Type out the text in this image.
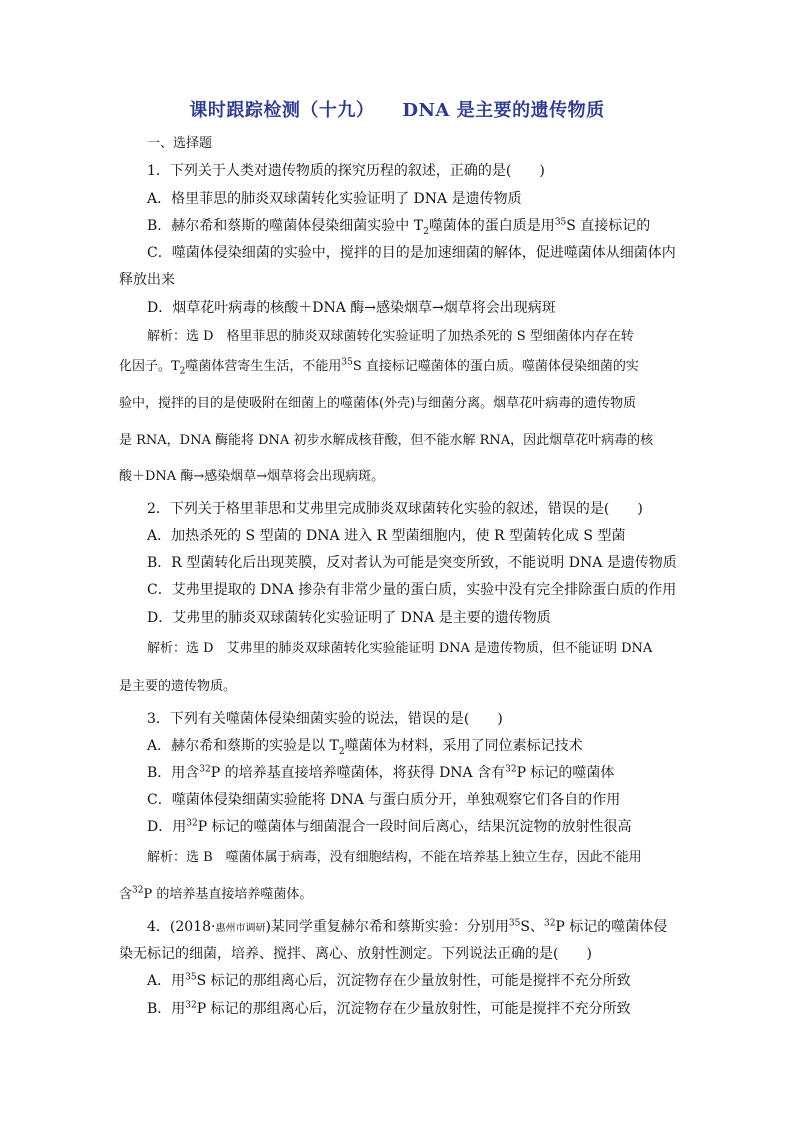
课时跟踪检测（十九） DNA 是主要的遗传物质
一、选择题
1．下列关于人类对遗传物质的探究历程的叙述，正确的是(　　)
A．格里菲思的肺炎双球菌转化实验证明了 DNA 是遗传物质
B．赫尔希和蔡斯的噬菌体侵染细菌实验中 $T_2$噬菌体的蛋白质是用$^{35}$S 直接标记的
C．噬菌体侵染细菌的实验中，搅拌的目的是加速细菌的解体，促进噬菌体从细菌体内
释放出来
D．烟草花叶病毒的核酸＋DNA 酶→感染烟草→烟草将会出现病斑
解析：选 D　格里菲思的肺炎双球菌转化实验证明了加热杀死的 S 型细菌体内存在转
化因子。$T_2$噬菌体营寄生生活，不能用$^{35}$S 直接标记噬菌体的蛋白质。噬菌体侵染细菌的实
验中，搅拌的目的是使吸附在细菌上的噬菌体(外壳)与细菌分离。烟草花叶病毒的遗传物质
是 RNA，DNA 酶能将 DNA 初步水解成核苷酸，但不能水解 RNA，因此烟草花叶病毒的核
酸＋DNA 酶→感染烟草→烟草将会出现病斑。
2．下列关于格里菲思和艾弗里完成肺炎双球菌转化实验的叙述，错误的是(　　)
A．加热杀死的 S 型菌的 DNA 进入 R 型菌细胞内，使 R 型菌转化成 S 型菌
B．R 型菌转化后出现荚膜，反对者认为可能是突变所致，不能说明 DNA 是遗传物质
C．艾弗里提取的 DNA 掺杂有非常少量的蛋白质，实验中没有完全排除蛋白质的作用
D．艾弗里的肺炎双球菌转化实验证明了 DNA 是主要的遗传物质
解析：选 D　艾弗里的肺炎双球菌转化实验能证明 DNA 是遗传物质，但不能证明 DNA
是主要的遗传物质。
3．下列有关噬菌体侵染细菌实验的说法，错误的是(　　)
A．赫尔希和蔡斯的实验是以 $T_2$噬菌体为材料，采用了同位素标记技术
B．用含$^{32}$P 的培养基直接培养噬菌体，将获得 DNA 含有$^{32}$P 标记的噬菌体
C．噬菌体侵染细菌实验能将 DNA 与蛋白质分开，单独观察它们各自的作用
D．用$^{32}$P 标记的噬菌体与细菌混合一段时间后离心，结果沉淀物的放射性很高
解析：选 B　噬菌体属于病毒，没有细胞结构，不能在培养基上独立生存，因此不能用
含$^{32}$P 的培养基直接培养噬菌体。
4．(2018·惠州市调研)某同学重复赫尔希和蔡斯实验：分别用$^{35}$S、$^{32}$P 标记的噬菌体侵
染无标记的细菌，培养、搅拌、离心、放射性测定。下列说法正确的是(　　)
A．用$^{35}$S 标记的那组离心后，沉淀物存在少量放射性，可能是搅拌不充分所致
B．用$^{32}$P 标记的那组离心后，沉淀物存在少量放射性，可能是搅拌不充分所致
